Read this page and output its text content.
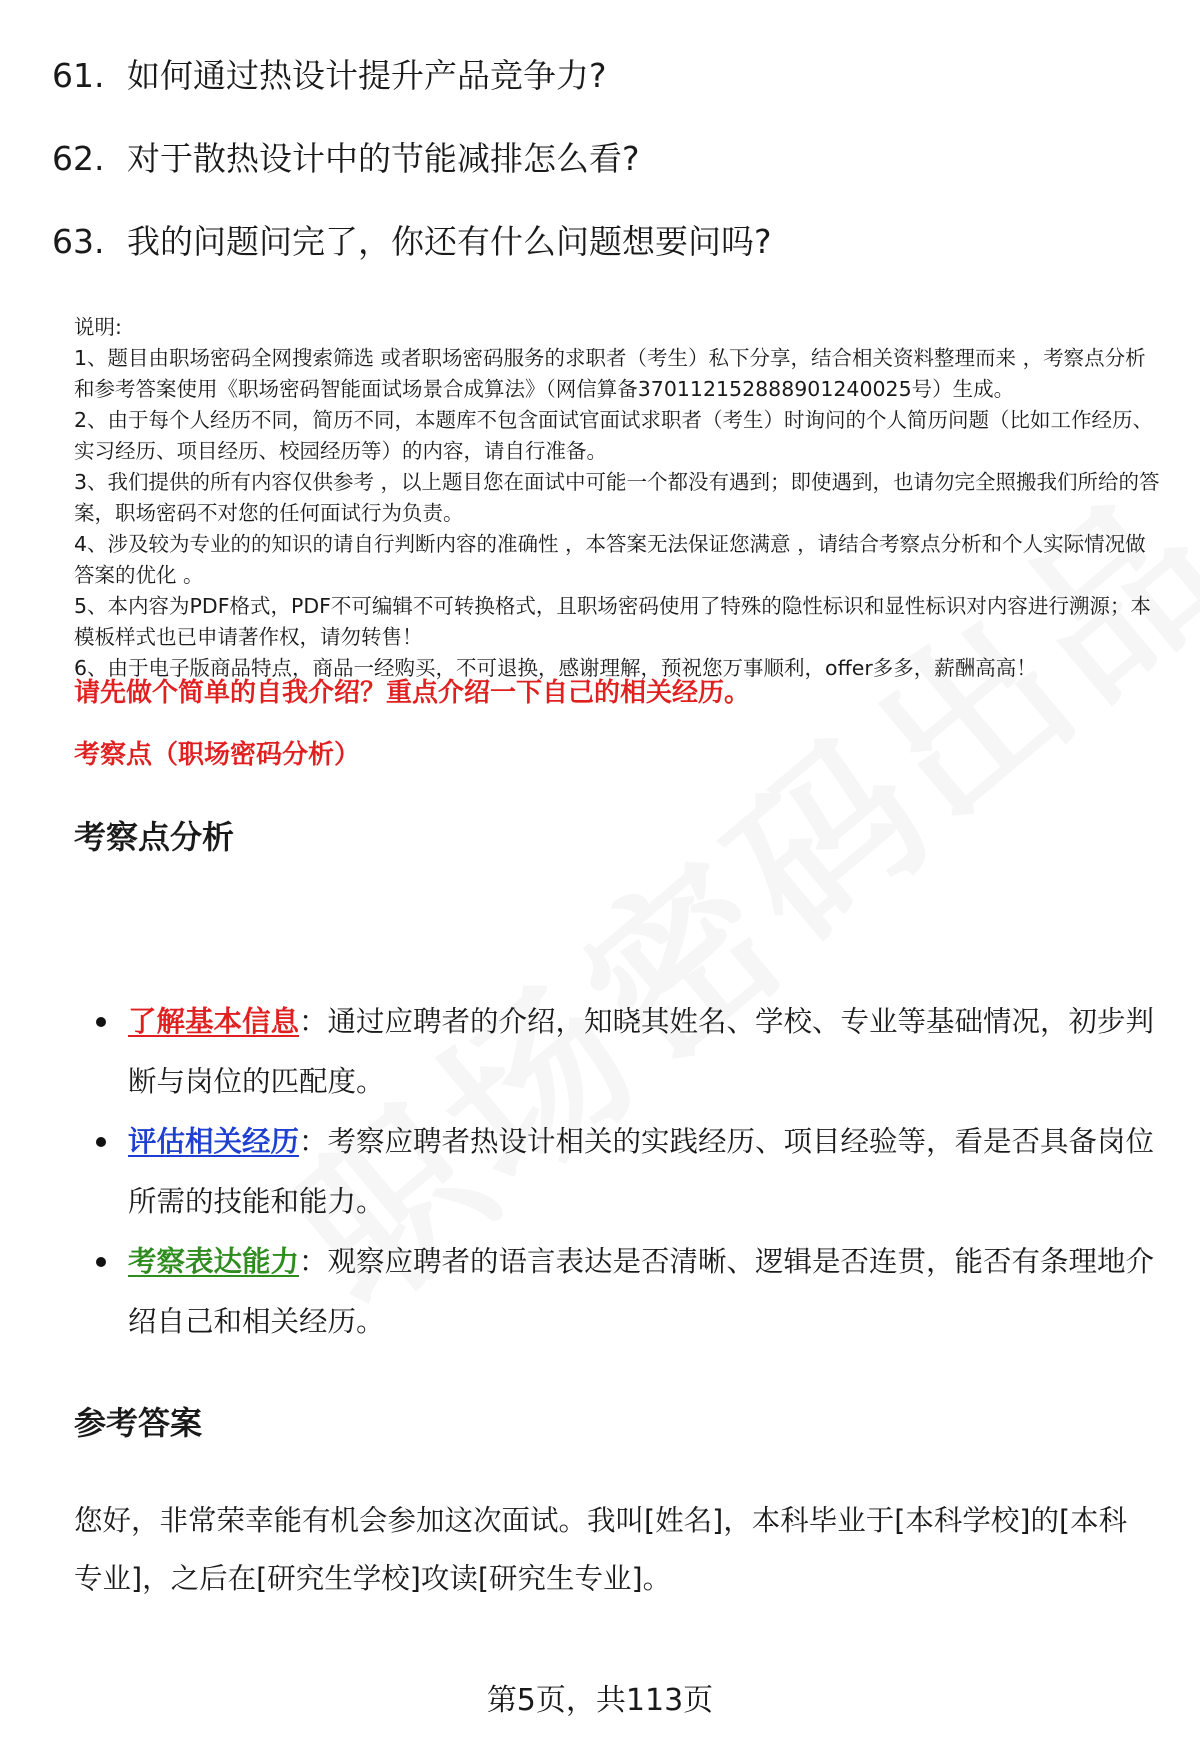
61. 如何通过热设计提升产品竞争力?
62. 对于散热设计中的节能减排怎么看?
63. 我的问题问完了，你还有什么问题想要问吗?

说明:

1、题目由职场密码全网搜索筛选 或者职场密码服务的求职者（考生）私下分享，结合相关资料整理而来 ，考察点分析和参考答案使用《职场密码智能面试场景合成算法》（网信算备370112152888901240025号）生成。

2、由于每个人经历不同，简历不同，本题库不包含面试官面试求职者（考生）时询问的个人简历问题（比如工作经历、实习经历、项目经历、校园经历等）的内容，请自行准备。

3、我们提供的所有内容仅供参考 ，以上题目您在面试中可能一个都没有遇到；即使遇到，也请勿完全照搬我们所给的答案，职场密码不对您的任何面试行为负责。

4、涉及较为专业的的知识的请自行判断内容的准确性 ，本答案无法保证您满意 ，请结合考察点分析和个人实际情况做答案的优化 。

5、本内容为PDF格式，PDF不可编辑不可转换格式，且职场密码使用了特殊的隐性标识和显性标识对内容进行溯源；本模板样式也已申请著作权，请勿转售！

6、由于电子版商品特点，商品一经购买，不可退换，感谢理解，预祝您万事顺利，offer多多，薪酬高高！

请先做个简单的自我介绍？重点介绍一下自己的相关经历。
考察点（职场密码分析）
考察点分析
了解基本信息：通过应聘者的介绍，知晓其姓名、学校、专业等基础情况，初步判断与岗位的匹配度。
评估相关经历：考察应聘者热设计相关的实践经历、项目经验等，看是否具备岗位所需的技能和能力。
考察表达能力：观察应聘者的语言表达是否清晰、逻辑是否连贯，能否有条理地介绍自己和相关经历。
参考答案

您好，非常荣幸能有机会参加这次面试。我叫[姓名]，本科毕业于[本科学校]的[本科专业]，之后在[研究生学校]攻读[研究生专业]。

第5页，共113页
